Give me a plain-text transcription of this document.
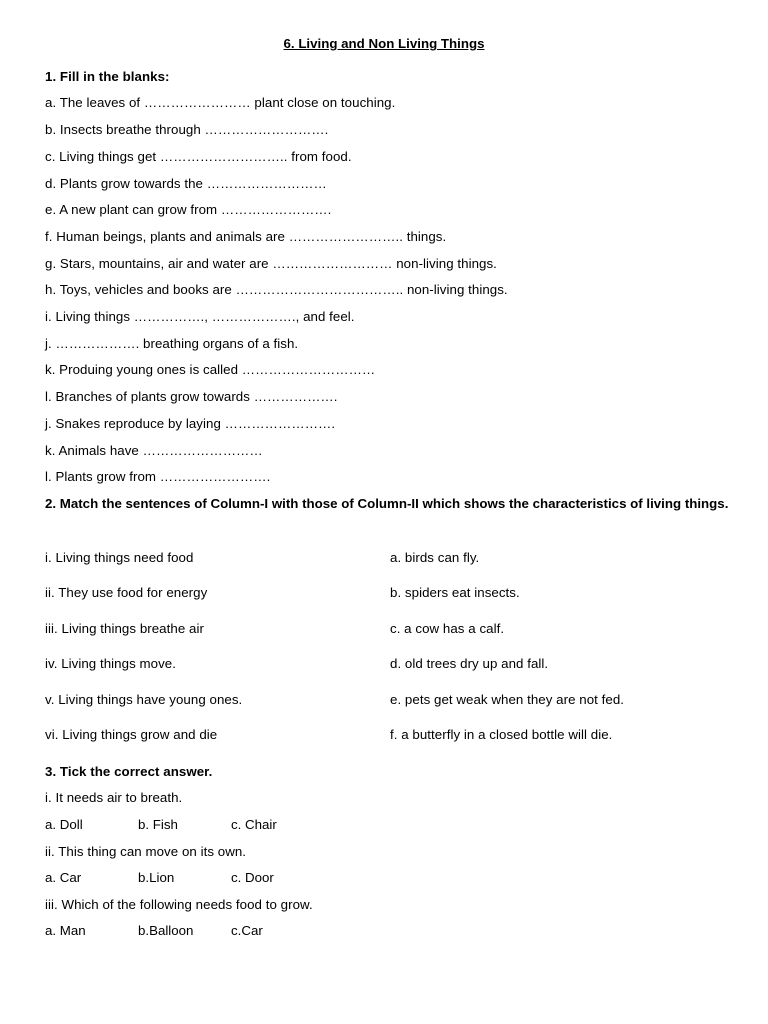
6. Living and Non Living Things
1. Fill in the blanks:
a. The leaves of …………………… plant close on touching.
b. Insects breathe through ……………………….
c. Living things get ……………………….. from food.
d. Plants grow towards the ………………………
e. A new plant can grow from …………………….
f. Human beings, plants and animals are …………………….. things.
g. Stars, mountains, air and water are ……………………… non-living things.
h. Toys, vehicles and books are ……………………………….. non-living things.
i. Living things ……………., ………………., and feel.
j. ………………. breathing organs of a fish.
k. Produing young ones is called …………………………
l. Branches of plants grow towards ……………….
j. Snakes reproduce by laying …………………….
k. Animals have ………………………
l. Plants grow from …………………….
2. Match the sentences of Column-I with those of Column-II which shows the characteristics of living things.
i. Living things need food	a. birds can fly.
ii. They use food for energy	b. spiders eat insects.
iii. Living things breathe air	c. a cow has a calf.
iv. Living things move.	d. old trees dry up and fall.
v. Living things have young ones.	e. pets get weak when they are not fed.
vi. Living things grow and die	f. a butterfly in a closed bottle will die.
3. Tick the correct answer.
i. It needs air to breath.
a. Doll	b. Fish	c. Chair
ii. This thing can move on its own.
a. Car	b.Lion	c. Door
iii. Which of the following needs food to grow.
a. Man	b.Balloon	c.Car
